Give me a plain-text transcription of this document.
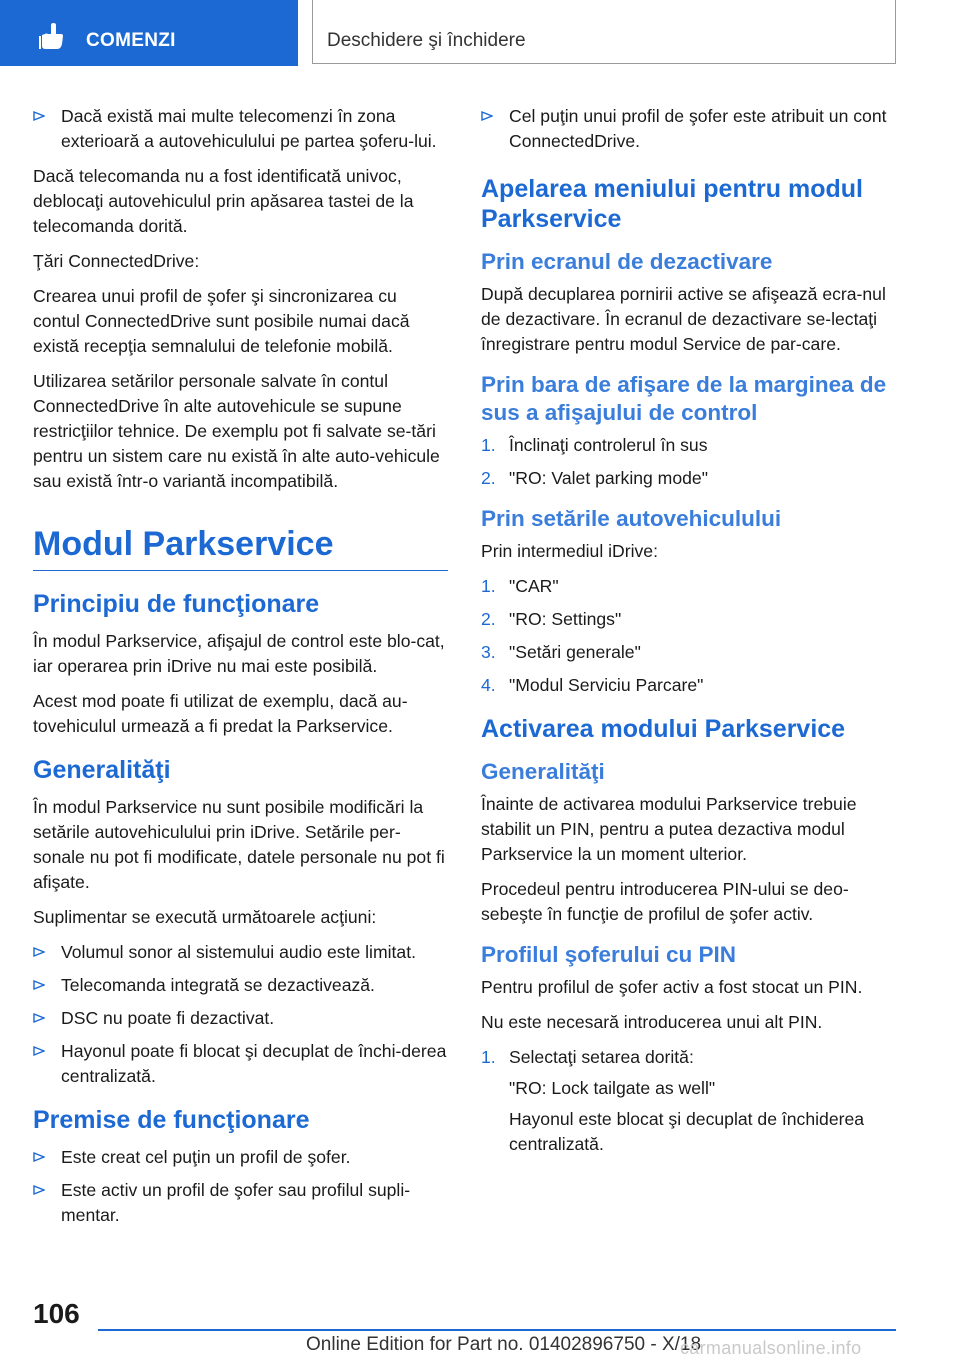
COMENZI	Deschidere şi închidere
Dacă există mai multe telecomenzi în zona exterioară a autovehiculului pe partea şoferu-lui.

Dacă telecomanda nu a fost identificată univoc, deblocaţi autovehiculul prin apăsarea tastei de la telecomanda dorită.

Ţări ConnectedDrive:

Crearea unui profil de şofer şi sincronizarea cu contul ConnectedDrive sunt posibile numai dacă există recepţia semnalului de telefonie mobilă.

Utilizarea setărilor personale salvate în contul ConnectedDrive în alte autovehicule se supune restricţiilor tehnice. De exemplu pot fi salvate se-tări pentru un sistem care nu există în alte auto-vehicule sau există într-o variantă incompatibilă.

Modul Parkservice
Principiu de funcţionare

În modul Parkservice, afişajul de control este blo-cat, iar operarea prin iDrive nu mai este posibilă.

Acest mod poate fi utilizat de exemplu, dacă au-tovehiculul urmează a fi predat la Parkservice.

Generalităţi

În modul Parkservice nu sunt posibile modificări la setările autovehiculului prin iDrive. Setările per-sonale nu pot fi modificate, datele personale nu pot fi afişate.

Suplimentar se execută următoarele acţiuni:

Volumul sonor al sistemului audio este limitat.
Telecomanda integrată se dezactivează.
DSC nu poate fi dezactivat.
Hayonul poate fi blocat şi decuplat de închi-derea centralizată.
Premise de funcţionare
Este creat cel puţin un profil de şofer.
Este activ un profil de şofer sau profilul supli-mentar.
Cel puţin unui profil de şofer este atribuit un cont ConnectedDrive.
Apelarea meniului pentru modul Parkservice
Prin ecranul de dezactivare

După decuplarea pornirii active se afişează ecra-nul de dezactivare. În ecranul de dezactivare se-lectaţi înregistrare pentru modul Service de par-care.

Prin bara de afişare de la marginea de sus a afişajului de control
1. Înclinaţi controlerul în sus
2. "RO: Valet parking mode"
Prin setările autovehiculului

Prin intermediul iDrive:

1. "CAR"
2. "RO: Settings"
3. "Setări generale"
4. "Modul Serviciu Parcare"
Activarea modului Parkservice
Generalităţi

Înainte de activarea modului Parkservice trebuie stabilit un PIN, pentru a putea dezactiva modul Parkservice la un moment ulterior.

Procedeul pentru introducerea PIN-ului se deo-sebeşte în funcţie de profilul de şofer activ.

Profilul şoferului cu PIN

Pentru profilul de şofer activ a fost stocat un PIN.

Nu este necesară introducerea unui alt PIN.

1. Selectaţi setarea dorită:
"RO: Lock tailgate as well"
Hayonul este blocat şi decuplat de închiderea centralizată.
106
Online Edition for Part no. 01402896750 - X/18
carmanualsonline.info
